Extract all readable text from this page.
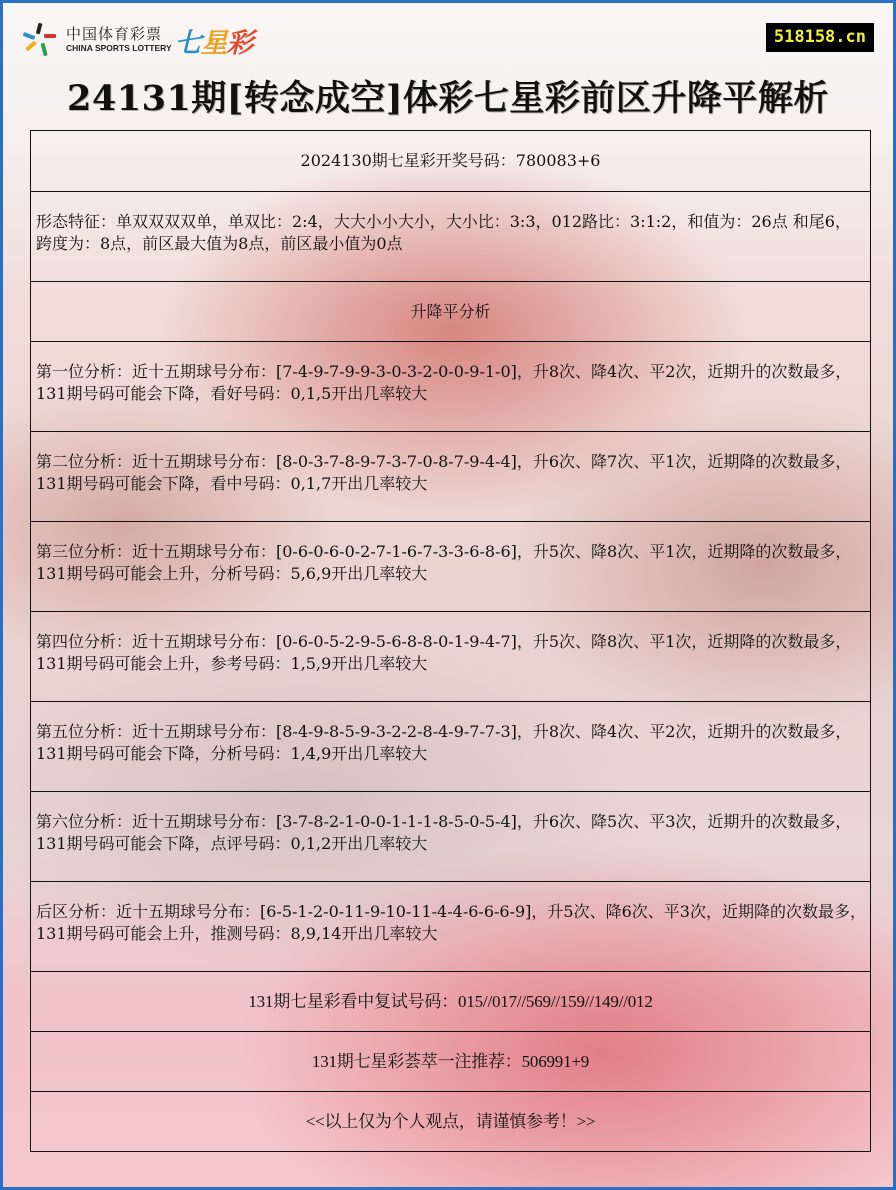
中国体育彩票
CHINA SPORTS LOTTERY 七 星 彩	518158.cn
24131期[转念成空]体彩七星彩前区升降平解析

2024130期七星彩开奖号码：780083+6

形态特征：单双双双双单，单双比：2:4，大大小小大小，大小比：3:3，012路比：3:1:2，和值为：26点 和尾6，跨度为：8点，前区最大值为8点，前区最小值为0点

升降平分析

第一位分析：近十五期球号分布：[7-4-9-7-9-9-3-0-3-2-0-0-9-1-0]，升8次、降4次、平2次，近期升的次数最多，131期号码可能会下降，看好号码：0,1,5开出几率较大

第二位分析：近十五期球号分布：[8-0-3-7-8-9-7-3-7-0-8-7-9-4-4]，升6次、降7次、平1次，近期降的次数最多，131期号码可能会下降，看中号码：0,1,7开出几率较大

第三位分析：近十五期球号分布：[0-6-0-6-0-2-7-1-6-7-3-3-6-8-6]，升5次、降8次、平1次，近期降的次数最多，131期号码可能会上升，分析号码：5,6,9开出几率较大

第四位分析：近十五期球号分布：[0-6-0-5-2-9-5-6-8-8-0-1-9-4-7]，升5次、降8次、平1次，近期降的次数最多，131期号码可能会上升，参考号码：1,5,9开出几率较大

第五位分析：近十五期球号分布：[8-4-9-8-5-9-3-2-2-8-4-9-7-7-3]，升8次、降4次、平2次，近期升的次数最多，131期号码可能会下降，分析号码：1,4,9开出几率较大

第六位分析：近十五期球号分布：[3-7-8-2-1-0-0-1-1-1-8-5-0-5-4]，升6次、降5次、平3次，近期升的次数最多，131期号码可能会下降，点评号码：0,1,2开出几率较大

后区分析：近十五期球号分布：[6-5-1-2-0-11-9-10-11-4-4-6-6-6-9]，升5次、降6次、平3次，近期降的次数最多，131期号码可能会上升，推测号码：8,9,14开出几率较大

131期七星彩看中复试号码：015//017//569//159//149//012

131期七星彩荟萃一注推荐：506991+9

<<以上仅为个人观点，请谨慎参考！>>
